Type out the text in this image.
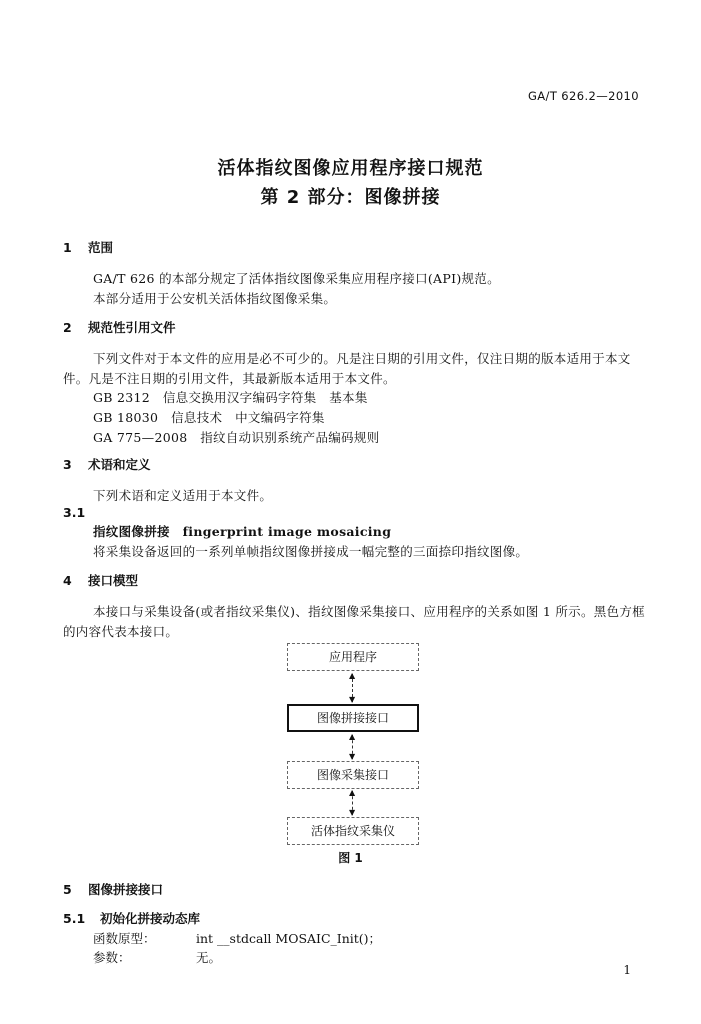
GA/T 626.2—2010
活体指纹图像应用程序接口规范
第 2 部分：图像拼接
1 范围
GA/T 626 的本部分规定了活体指纹图像采集应用程序接口(API)规范。
本部分适用于公安机关活体指纹图像采集。
2 规范性引用文件
下列文件对于本文件的应用是必不可少的。凡是注日期的引用文件，仅注日期的版本适用于本文
件。凡是不注日期的引用文件，其最新版本适用于本文件。
GB 2312　信息交换用汉字编码字符集　基本集
GB 18030　信息技术　中文编码字符集
GA 775—2008　指纹自动识别系统产品编码规则
3 术语和定义
下列术语和定义适用于本文件。
3.1
指纹图像拼接　fingerprint image mosaicing
将采集设备返回的一系列单帧指纹图像拼接成一幅完整的三面捺印指纹图像。
4 接口模型
本接口与采集设备(或者指纹采集仪)、指纹图像采集接口、应用程序的关系如图 1 所示。黑色方框
的内容代表本接口。
应用程序
▲
▼
图像拼接接口
▲
▼
图像采集接口
▲
▼
活体指纹采集仪
图 1
5 图像拼接接口
5.1 初始化拼接动态库
函数原型：	int __stdcall MOSAIC_Init()；
参数：	无。
1
